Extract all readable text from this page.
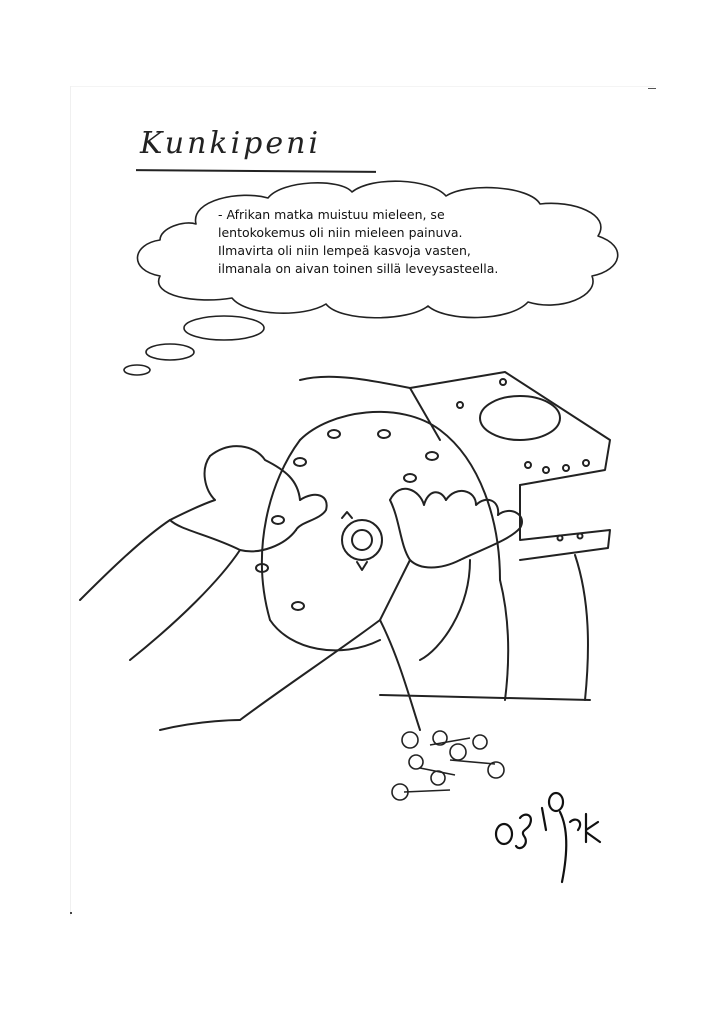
Kunkipeni
- Afrikan matka muistuu mieleen, se
lentokokemus oli niin mieleen painuva.
Ilmavirta oli niin lempeä kasvoja vasten,
ilmanala on aivan toinen sillä leveysasteella.
